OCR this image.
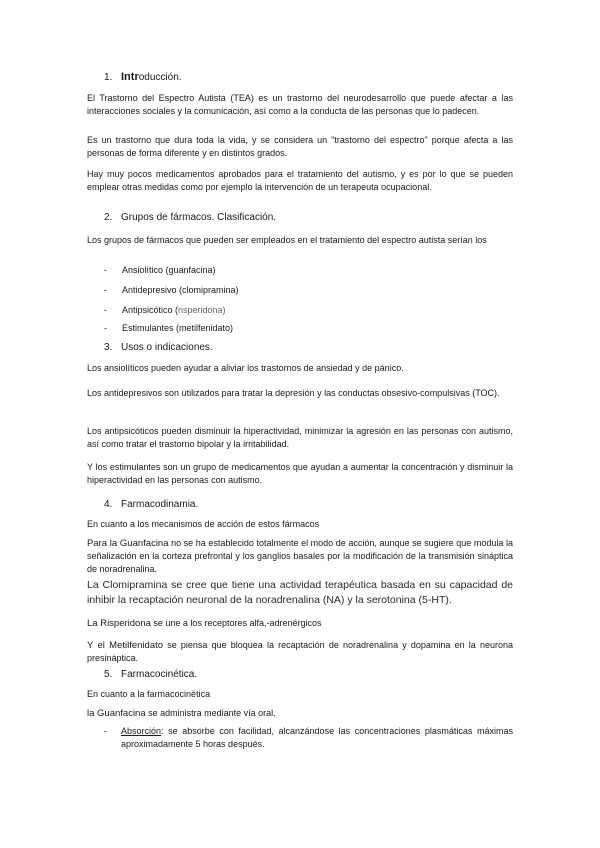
1. Introducción.

El Trastorno del Espectro Autista (TEA) es un trastorno del neurodesarrollo que puede afectar a las interacciones sociales y la comunicación, así como a la conducta de las personas que lo padecen.

Es un trastorno que dura toda la vida, y se considera un "trastorno del espectro" porque afecta a las personas de forma diferente y en distintos grados.

Hay muy pocos medicamentos aprobados para el tratamiento del autismo, y es por lo que se pueden emplear otras medidas como por ejemplo la intervención de un terapeuta ocupacional.

2. Grupos de fármacos. Clasificación.

Los grupos de fármacos que pueden ser empleados en el tratamiento del espectro autista serían los

- Ansiolítico (guanfacina)
- Antidepresivo (clomipramina)
- Antipsicótico (risperidona)
- Estimulantes (metilfenidato)
3. Usos o indicaciones.

Los ansiolíticos pueden ayudar a aliviar los trastornos de ansiedad y de pánico.

Los antidepresivos son utilizados para tratar la depresión y las conductas obsesivo-compulsivas (TOC).

Los antipsicóticos pueden disminuir la hiperactividad, minimizar la agresión en las personas con autismo, así como tratar el trastorno bipolar y la irritabilidad.

Y los estimulantes son un grupo de medicamentos que ayudan a aumentar la concentración y disminuir la hiperactividad en las personas con autismo.

4. Farmacodinamia.

En cuanto a los mecanismos de acción de estos fármacos

Para la Guanfacina no se ha establecido totalmente el modo de acción, aunque se sugiere que modula la señalización en la corteza prefrontal y los ganglios basales por la modificación de la transmisión sináptica de noradrenalina.

La Clomipramina se cree que tiene una actividad terapéutica basada en su capacidad de inhibir la recaptación neuronal de la noradrenalina (NA) y la serotonina (5-HT).

La Risperidona se une a los receptores alfa,-adrenérgicos

Y el Metilfenidato se piensa que bloquea la recaptación de noradrenalina y dopamina en la neurona presináptica.

5. Farmacocinética.

En cuanto a la farmacocinética

la Guanfacina se administra mediante vía oral.

- Absorción: se absorbe con facilidad, alcanzándose las concentraciones plasmáticas máximas aproximadamente 5 horas después.
